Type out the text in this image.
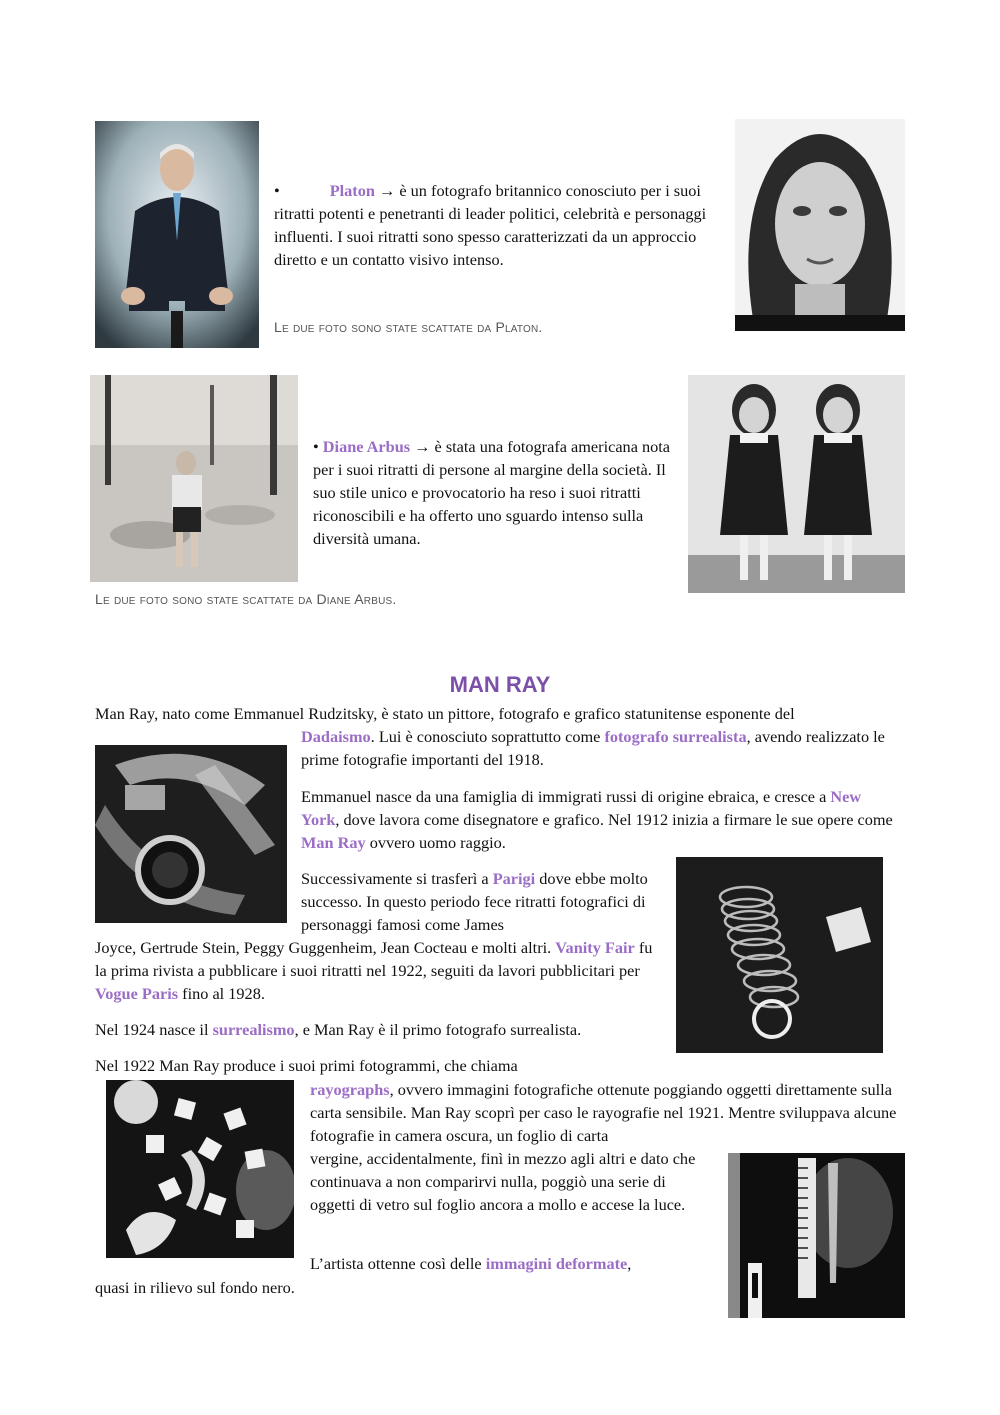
•	Platon → è un fotografo britannico conosciuto per i suoi ritratti potenti e penetranti di leader politici, celebrità e personaggi influenti. I suoi ritratti sono spesso caratterizzati da un approccio diretto e un contatto visivo intenso.

Le due foto sono state scattate da Platon.

• Diane Arbus → è stata una fotografa americana nota per i suoi ritratti di persone al margine della società. Il suo stile unico e provocatorio ha reso i suoi ritratti riconoscibili e ha offerto uno sguardo intenso sulla diversità umana.

Le due foto sono state scattate da Diane Arbus.

MAN RAY

Man Ray, nato come Emmanuel Rudzitsky, è stato un pittore, fotografo e grafico statunitense esponente del

Dadaismo. Lui è conosciuto soprattutto come fotografo surrealista, avendo realizzato le prime fotografie importanti del 1918.

Emmanuel nasce da una famiglia di immigrati russi di origine ebraica, e cresce a New York, dove lavora come disegnatore e grafico. Nel 1912 inizia a firmare le sue opere come Man Ray ovvero uomo raggio.

Successivamente si trasferì a Parigi dove ebbe molto successo. In questo periodo fece ritratti fotografici di personaggi famosi come James

Joyce, Gertrude Stein, Peggy Guggenheim, Jean Cocteau e molti altri. Vanity Fair fu la prima rivista a pubblicare i suoi ritratti nel 1922, seguiti da lavori pubblicitari per Vogue Paris fino al 1928.

Nel 1924 nasce il surrealismo, e Man Ray è il primo fotografo surrealista.

Nel 1922 Man Ray produce i suoi primi fotogrammi, che chiama

rayographs, ovvero immagini fotografiche ottenute poggiando oggetti direttamente sulla carta sensibile. Man Ray scoprì per caso le rayografie nel 1921. Mentre sviluppava alcune fotografie in camera oscura, un foglio di carta

vergine, accidentalmente, finì in mezzo agli altri e dato che continuava a non comparirvi nulla, poggiò una serie di oggetti di vetro sul foglio ancora a mollo e accese la luce.

L’artista ottenne così delle immagini deformate,

quasi in rilievo sul fondo nero.
